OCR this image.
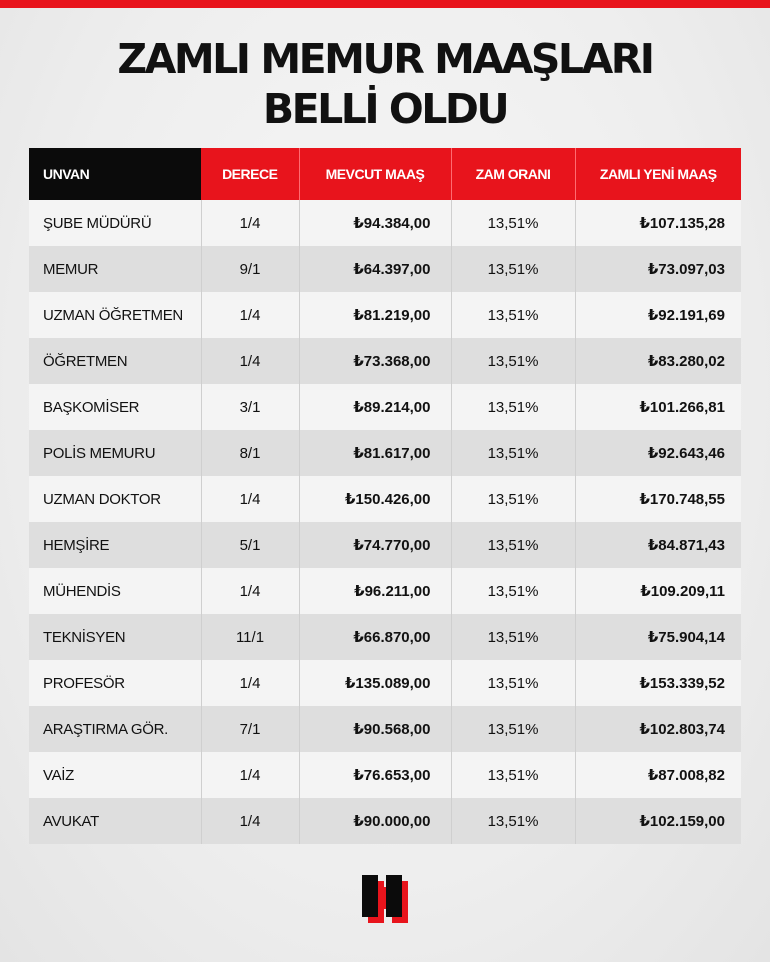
ZAMLI MEMUR MAAŞLARI
BELLİ OLDU
UNVAN	DERECE	MEVCUT MAAŞ	ZAM ORANI	ZAMLI YENİ MAAŞ
ŞUBE MÜDÜRÜ	1/4	₺94.384,00	13,51%	₺107.135,28
MEMUR	9/1	₺64.397,00	13,51%	₺73.097,03
UZMAN ÖĞRETMEN	1/4	₺81.219,00	13,51%	₺92.191,69
ÖĞRETMEN	1/4	₺73.368,00	13,51%	₺83.280,02
BAŞKOMİSER	3/1	₺89.214,00	13,51%	₺101.266,81
POLİS MEMURU	8/1	₺81.617,00	13,51%	₺92.643,46
UZMAN DOKTOR	1/4	₺150.426,00	13,51%	₺170.748,55
HEMŞİRE	5/1	₺74.770,00	13,51%	₺84.871,43
MÜHENDİS	1/4	₺96.211,00	13,51%	₺109.209,11
TEKNİSYEN	11/1	₺66.870,00	13,51%	₺75.904,14
PROFESÖR	1/4	₺135.089,00	13,51%	₺153.339,52
ARAŞTIRMA GÖR.	7/1	₺90.568,00	13,51%	₺102.803,74
VAİZ	1/4	₺76.653,00	13,51%	₺87.008,82
AVUKAT	1/4	₺90.000,00	13,51%	₺102.159,00
